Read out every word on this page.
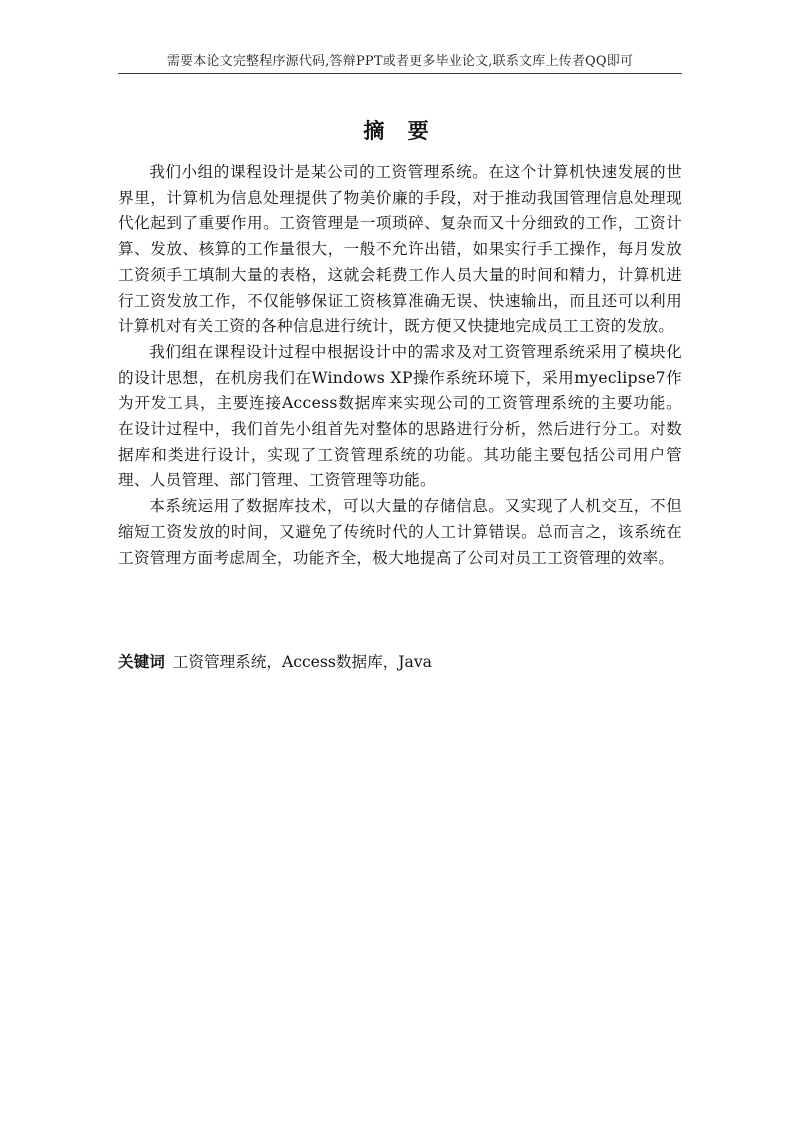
需要本论文完整程序源代码,答辩PPT或者更多毕业论文,联系文库上传者QQ即可
摘 要

我们小组的课程设计是某公司的工资管理系统。在这个计算机快速发展的世界里，计算机为信息处理提供了物美价廉的手段，对于推动我国管理信息处理现代化起到了重要作用。工资管理是一项琐碎、复杂而又十分细致的工作，工资计算、发放、核算的工作量很大，一般不允许出错，如果实行手工操作，每月发放工资须手工填制大量的表格，这就会耗费工作人员大量的时间和精力，计算机进行工资发放工作，不仅能够保证工资核算准确无误、快速输出，而且还可以利用计算机对有关工资的各种信息进行统计，既方便又快捷地完成员工工资的发放。

我们组在课程设计过程中根据设计中的需求及对工资管理系统采用了模块化的设计思想，在机房我们在Windows XP操作系统环境下，采用myeclipse7作为开发工具，主要连接Access数据库来实现公司的工资管理系统的主要功能。在设计过程中，我们首先小组首先对整体的思路进行分析，然后进行分工。对数据库和类进行设计，实现了工资管理系统的功能。其功能主要包括公司用户管理、人员管理、部门管理、工资管理等功能。

本系统运用了数据库技术，可以大量的存储信息。又实现了人机交互，不但缩短工资发放的时间，又避免了传统时代的人工计算错误。总而言之，该系统在工资管理方面考虑周全，功能齐全，极大地提高了公司对员工工资管理的效率。

关键词 工资管理系统，Access数据库，Java
